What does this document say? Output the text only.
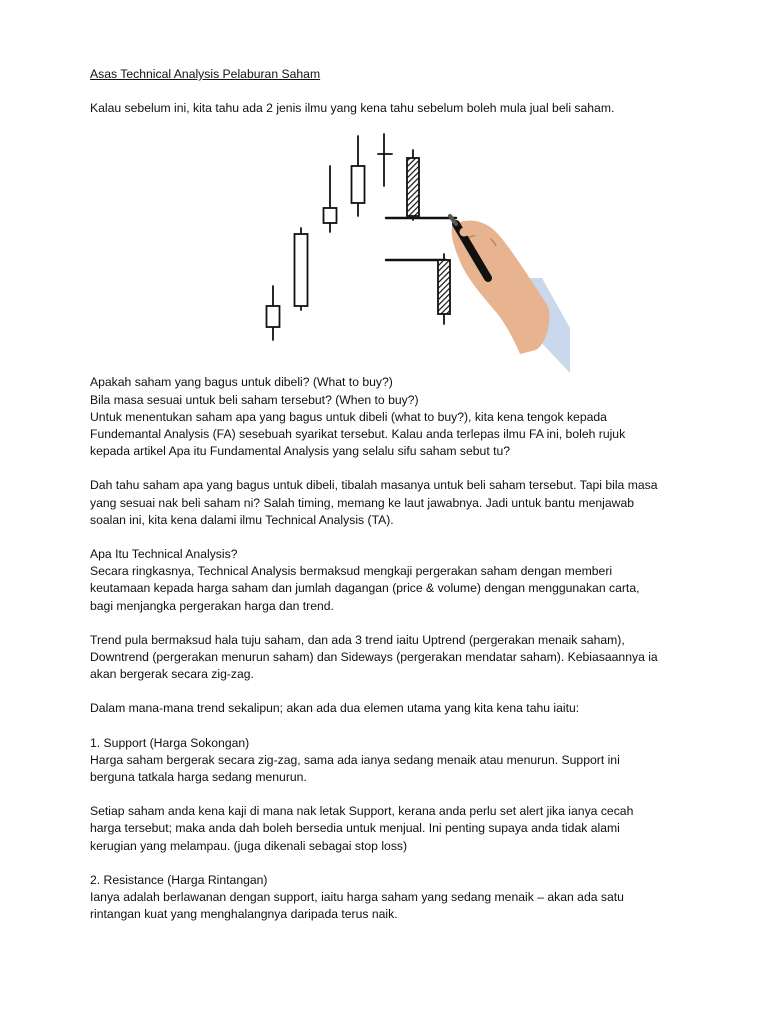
Asas Technical Analysis Pelaburan Saham

Kalau sebelum ini, kita tahu ada 2 jenis ilmu yang kena tahu sebelum boleh mula jual beli saham.

Apakah saham yang bagus untuk dibeli? (What to buy?)
Bila masa sesuai untuk beli saham tersebut? (When to buy?)
Untuk menentukan saham apa yang bagus untuk dibeli (what to buy?), kita kena tengok kepada
Fundemantal Analysis (FA) sesebuah syarikat tersebut. Kalau anda terlepas ilmu FA ini, boleh rujuk
kepada artikel Apa itu Fundamental Analysis yang selalu sifu saham sebut tu?

Dah tahu saham apa yang bagus untuk dibeli, tibalah masanya untuk beli saham tersebut. Tapi bila masa
yang sesuai nak beli saham ni? Salah timing, memang ke laut jawabnya. Jadi untuk bantu menjawab
soalan ini, kita kena dalami ilmu Technical Analysis (TA).

Apa Itu Technical Analysis?
Secara ringkasnya, Technical Analysis bermaksud mengkaji pergerakan saham dengan memberi
keutamaan kepada harga saham dan jumlah dagangan (price & volume) dengan menggunakan carta,
bagi menjangka pergerakan harga dan trend.

Trend pula bermaksud hala tuju saham, dan ada 3 trend iaitu Uptrend (pergerakan menaik saham),
Downtrend (pergerakan menurun saham) dan Sideways (pergerakan mendatar saham). Kebiasaannya ia
akan bergerak secara zig-zag.

Dalam mana-mana trend sekalipun; akan ada dua elemen utama yang kita kena tahu iaitu:

1. Support (Harga Sokongan)
Harga saham bergerak secara zig-zag, sama ada ianya sedang menaik atau menurun. Support ini
berguna tatkala harga sedang menurun.

Setiap saham anda kena kaji di mana nak letak Support, kerana anda perlu set alert jika ianya cecah
harga tersebut; maka anda dah boleh bersedia untuk menjual. Ini penting supaya anda tidak alami
kerugian yang melampau. (juga dikenali sebagai stop loss)

2. Resistance (Harga Rintangan)
Ianya adalah berlawanan dengan support, iaitu harga saham yang sedang menaik – akan ada satu
rintangan kuat yang menghalangnya daripada terus naik.
